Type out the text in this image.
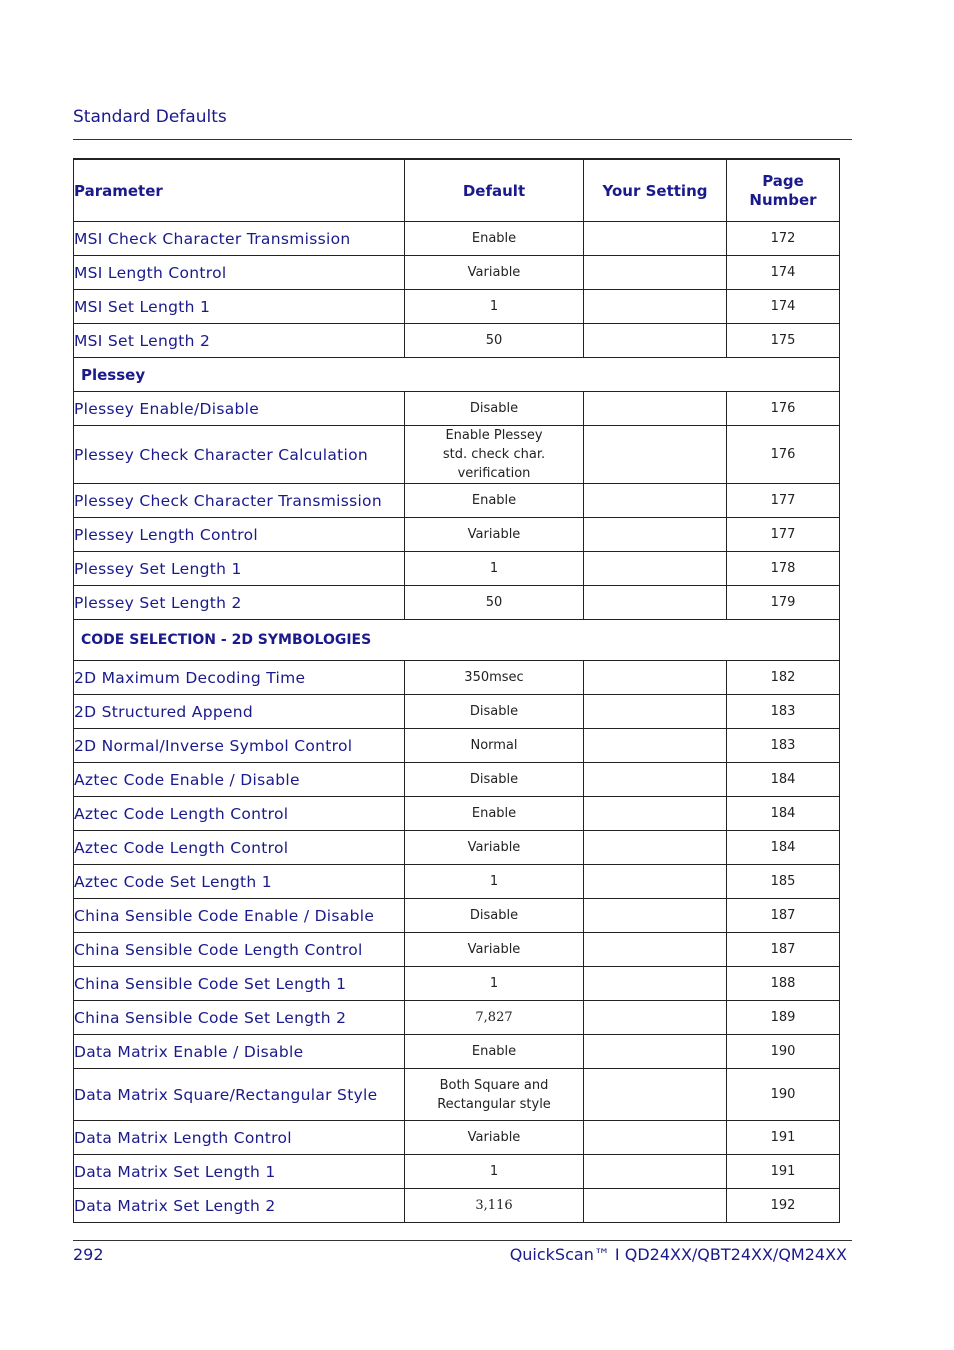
Standard Defaults
Parameter	Default	Your Setting	Page Number
MSI Check Character Transmission	Enable		172
MSI Length Control	Variable		174
MSI Set Length 1	1		174
MSI Set Length 2	50		175
Plessey			
Plessey Enable/Disable	Disable		176
Plessey Check Character Calculation	Enable Plessey std. check char. verification		176
Plessey Check Character Transmission	Enable		177
Plessey Length Control	Variable		177
Plessey Set Length 1	1		178
Plessey Set Length 2	50		179
CODE SELECTION - 2D SYMBOLOGIES			
2D Maximum Decoding Time	350msec		182
2D Structured Append	Disable		183
2D Normal/Inverse Symbol Control	Normal		183
Aztec Code Enable / Disable	Disable		184
Aztec Code Length Control	Enable		184
Aztec Code Length Control	Variable		184
Aztec Code Set Length 1	1		185
China Sensible Code Enable / Disable	Disable		187
China Sensible Code Length Control	Variable		187
China Sensible Code Set Length 1	1		188
China Sensible Code Set Length 2	7,827		189
Data Matrix Enable / Disable	Enable		190
Data Matrix Square/Rectangular Style	Both Square and Rectangular style		190
Data Matrix Length Control	Variable		191
Data Matrix Set Length 1	1		191
Data Matrix Set Length 2	3,116		192
292	QuickScan™ I QD24XX/QBT24XX/QM24XX
